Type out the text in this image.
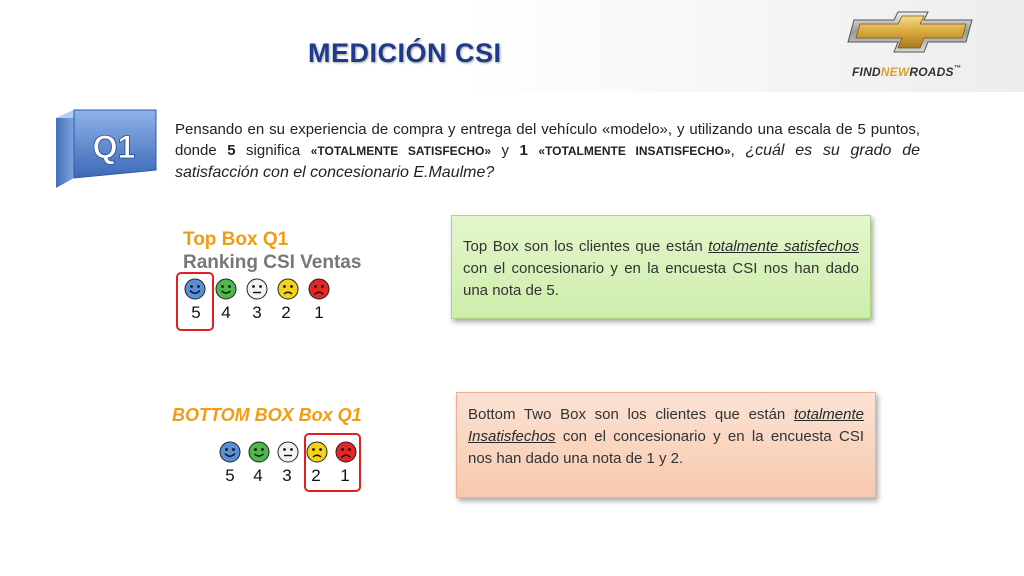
MEDICIÓN CSI
FINDNEWROADS™
Q1	Pensando en su experiencia de compra y entrega del vehículo «modelo», y utilizando una escala de 5 puntos, donde 5 significa «TOTALMENTE SATISFECHO» y 1 «TOTALMENTE INSATISFECHO», ¿cuál es su grado de satisfacción con el concesionario E.Maulme?
Top Box Q1
Ranking CSI Ventas
5	4	3	2	1
BOTTOM BOX Box Q1
5	4	3	2	1
Top Box son los clientes que están totalmente satisfechos con el concesionario y en la encuesta CSI nos han dado una nota de 5.
Bottom Two Box son los clientes que están totalmente Insatisfechos con el concesionario y en la encuesta CSI nos han dado una nota de 1 y 2.
